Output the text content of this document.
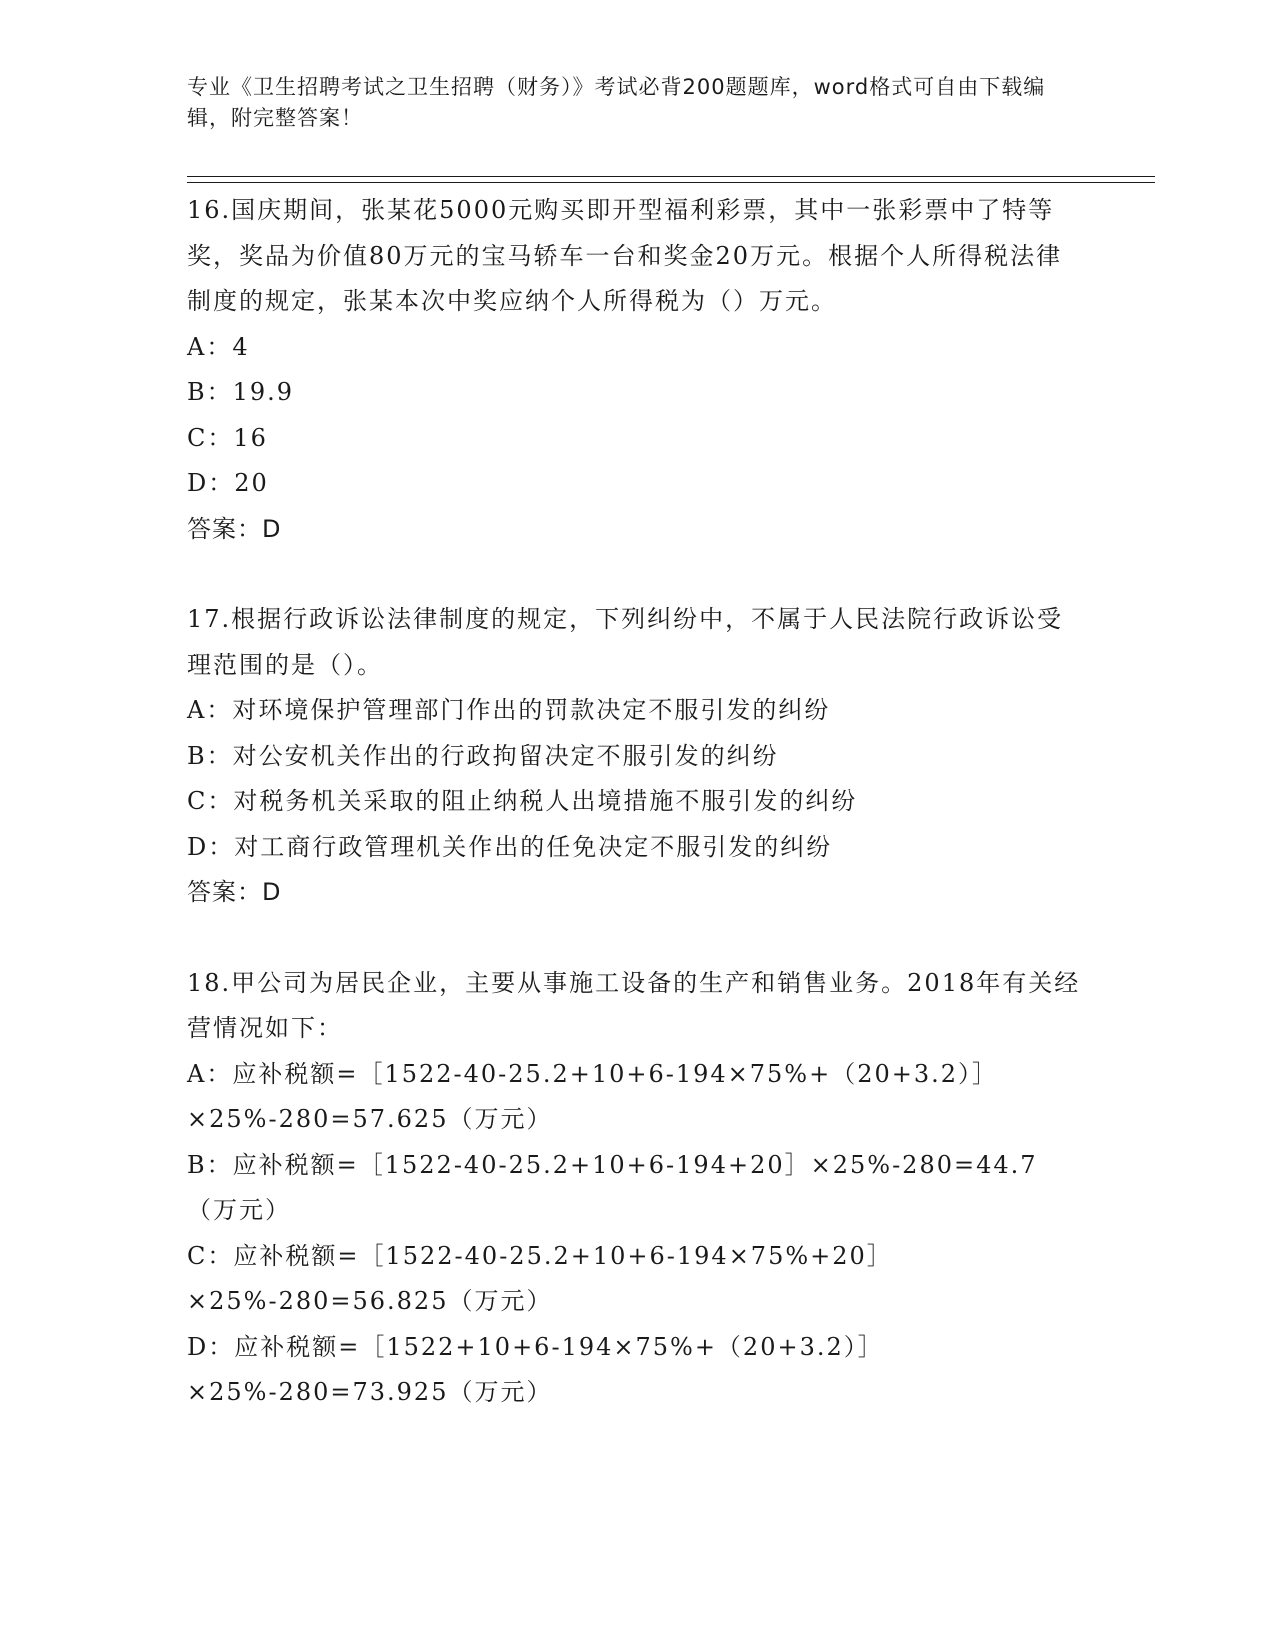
专业《卫生招聘考试之卫生招聘（财务）》考试必背200题题库，word格式可自由下载编辑，附完整答案！
16.国庆期间，张某花5000元购买即开型福利彩票，其中一张彩票中了特等奖，奖品为价值80万元的宝马轿车一台和奖金20万元。根据个人所得税法律制度的规定，张某本次中奖应纳个人所得税为（）万元。
A：4
B：19.9
C：16
D：20
答案：D
17.根据行政诉讼法律制度的规定，下列纠纷中，不属于人民法院行政诉讼受理范围的是（）。
A：对环境保护管理部门作出的罚款决定不服引发的纠纷
B：对公安机关作出的行政拘留决定不服引发的纠纷
C：对税务机关采取的阻止纳税人出境措施不服引发的纠纷
D：对工商行政管理机关作出的任免决定不服引发的纠纷
答案：D
18.甲公司为居民企业，主要从事施工设备的生产和销售业务。2018年有关经营情况如下：
A：应补税额=［1522-40-25.2+10+6-194×75%+（20+3.2）］×25%-280=57.625（万元）
B：应补税额=［1522-40-25.2+10+6-194+20］×25%-280=44.7（万元）
C：应补税额=［1522-40-25.2+10+6-194×75%+20］×25%-280=56.825（万元）
D：应补税额=［1522+10+6-194×75%+（20+3.2）］×25%-280=73.925（万元）
